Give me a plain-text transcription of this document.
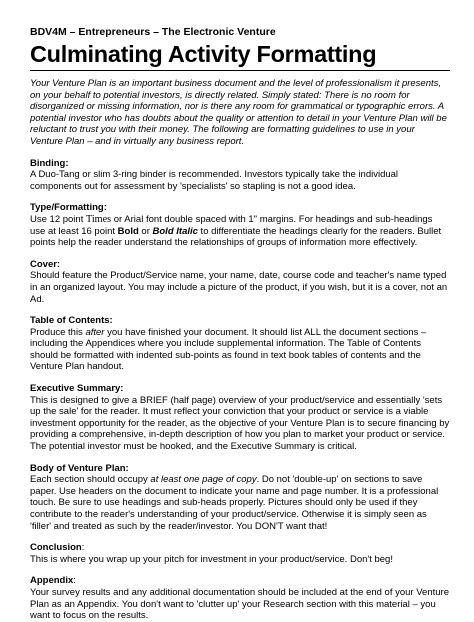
BDV4M – Entrepreneurs – The Electronic Venture

Culminating Activity Formatting

Your Venture Plan is an important business document and the level of professionalism it presents, on your behalf to potential investors, is directly related. Simply stated: There is no room for disorganized or missing information, nor is there any room for grammatical or typographic errors. A potential investor who has doubts about the quality or attention to detail in your Venture Plan will be reluctant to trust you with their money. The following are formatting guidelines to use in your Venture Plan – and in virtually any business report.

Binding:

A Duo-Tang or slim 3-ring binder is recommended. Investors typically take the individual components out for assessment by 'specialists' so stapling is not a good idea.

Type/Formatting:

Use 12 point Times or Arial font double spaced with 1" margins. For headings and sub-headings use at least 16 point Bold or Bold Italic to differentiate the headings clearly for the readers. Bullet points help the reader understand the relationships of groups of information more effectively.

Cover:

Should feature the Product/Service name, your name, date, course code and teacher's name typed in an organized layout. You may include a picture of the product, if you wish, but it is a cover, not an Ad.

Table of Contents:

Produce this after you have finished your document. It should list ALL the document sections – including the Appendices where you include supplemental information. The Table of Contents should be formatted with indented sub-points as found in text book tables of contents and the Venture Plan handout.

Executive Summary:

This is designed to give a BRIEF (half page) overview of your product/service and essentially 'sets up the sale' for the reader. It must reflect your conviction that your product or service is a viable investment opportunity for the reader, as the objective of your Venture Plan is to secure financing by providing a comprehensive, in-depth description of how you plan to market your product or service. The potential investor must be hooked, and the Executive Summary is critical.

Body of Venture Plan:

Each section should occupy at least one page of copy. Do not 'double-up' on sections to save paper. Use headers on the document to indicate your name and page number. It is a professional touch. Be sure to use headings and sub-heads properly. Pictures should only be used if they contribute to the reader's understanding of your product/service. Otherwise it is simply seen as 'filler' and treated as such by the reader/investor. You DON'T want that!

Conclusion:

This is where you wrap up your pitch for investment in your product/service. Don't beg!

Appendix:

Your survey results and any additional documentation should be included at the end of your Venture Plan as an Appendix. You don't want to 'clutter up' your Research section with this material – you want to focus on the results.
